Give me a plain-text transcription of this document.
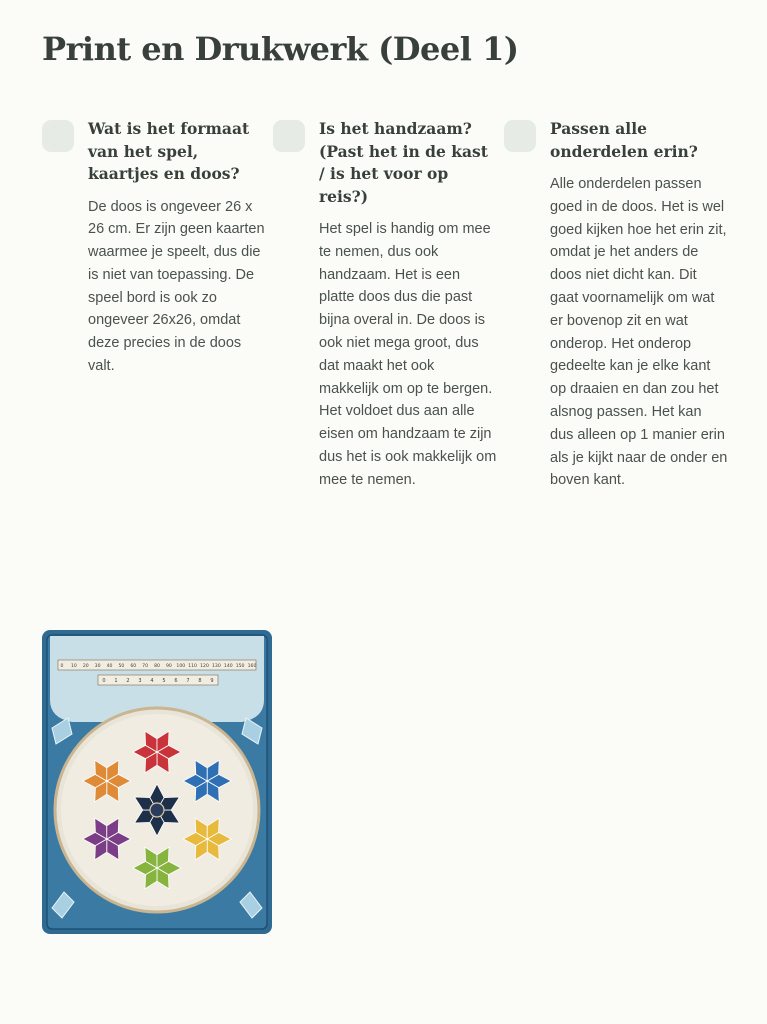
Print en Drukwerk (Deel 1)
Wat is het formaat van het spel, kaartjes en doos?

De doos is ongeveer 26 x 26 cm. Er zijn geen kaarten waarmee je speelt, dus die is niet van toepassing. De speel bord is ook zo ongeveer 26x26, omdat deze precies in de doos valt.

Is het handzaam? (Past het in de kast / is het voor op reis?)

Het spel is handig om mee te nemen, dus ook handzaam. Het is een platte doos dus die past bijna overal in. De doos is ook niet mega groot, dus dat maakt het ook makkelijk om op te bergen. Het voldoet dus aan alle eisen om handzaam te zijn dus het is ook makkelijk om mee te nemen.

Passen alle onderdelen erin?

Alle onderdelen passen goed in de doos. Het is wel goed kijken hoe het erin zit, omdat je het anders de doos niet dicht kan. Dit gaat voornamelijk om wat er bovenop zit en wat onderop. Het onderop gedeelte kan je elke kant op draaien en dan zou het alsnog passen. Het kan dus alleen op 1 manier erin als je kijkt naar de onder en boven kant.

0 10 20 30 40 50 60 70 80 90 100 110 120 130 140 150 160
0 1 2 3 4 5 6 7 8 9
